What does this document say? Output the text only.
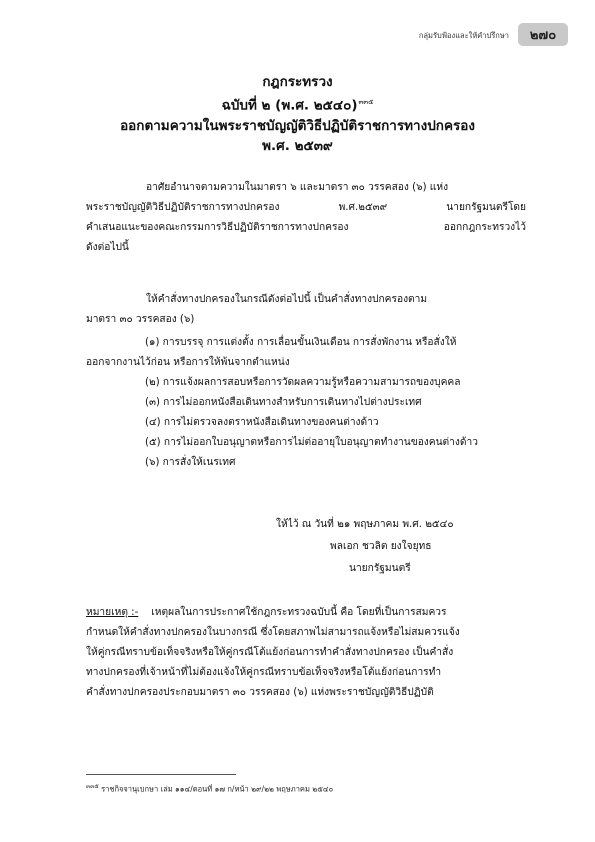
กลุ่มรับฟ้องและให้คำปรึกษา	๒๗๐
กฎกระทรวง
ฉบับที่ ๒ (พ.ศ. ๒๕๔๐)$^{๓๓๕}$
ออกตามความในพระราชบัญญัติวิธีปฏิบัติราชการทางปกครอง
พ.ศ. ๒๕๓๙
อาศัยอำนาจตามความในมาตรา ๖ และมาตรา ๓๐ วรรคสอง (๖) แห่ง
พระราชบัญญัติวิธีปฏิบัติราชการทางปกครอง พ.ศ.๒๕๓๙ นายกรัฐมนตรีโดย
คำเสนอแนะของคณะกรรมการวิธีปฏิบัติราชการทางปกครอง ออกกฎกระทรวงไว้
ดังต่อไปนี้
ให้คำสั่งทางปกครองในกรณีดังต่อไปนี้ เป็นคำสั่งทางปกครองตาม
มาตรา ๓๐ วรรคสอง (๖)
(๑) การบรรจุ การแต่งตั้ง การเลื่อนขั้นเงินเดือน การสั่งพักงาน หรือสั่งให้
ออกจากงานไว้ก่อน หรือการให้พ้นจากตำแหน่ง
(๒) การแจ้งผลการสอบหรือการวัดผลความรู้หรือความสามารถของบุคคล
(๓) การไม่ออกหนังสือเดินทางสำหรับการเดินทางไปต่างประเทศ
(๔) การไม่ตรวจลงตราหนังสือเดินทางของคนต่างด้าว
(๕) การไม่ออกใบอนุญาตหรือการไม่ต่ออายุใบอนุญาตทำงานของคนต่างด้าว
(๖) การสั่งให้เนรเทศ
ให้ไว้ ณ วันที่ ๒๑ พฤษภาคม พ.ศ. ๒๕๔๐
พลเอก ชวลิต ยงใจยุทธ
นายกรัฐมนตรี
หมายเหตุ :- เหตุผลในการประกาศใช้กฎกระทรวงฉบับนี้ คือ โดยที่เป็นการสมควร
กำหนดให้คำสั่งทางปกครองในบางกรณี ซึ่งโดยสภาพไม่สามารถแจ้งหรือไม่สมควรแจ้ง
ให้คู่กรณีทราบข้อเท็จจริงหรือให้คู่กรณีโต้แย้งก่อนการทำคำสั่งทางปกครอง เป็นคำสั่ง
ทางปกครองที่เจ้าหน้าที่ไม่ต้องแจ้งให้คู่กรณีทราบข้อเท็จจริงหรือโต้แย้งก่อนการทำ
คำสั่งทางปกครองประกอบมาตรา ๓๐ วรรคสอง (๖) แห่งพระราชบัญญัติวิธีปฏิบัติ
$^{๓๓๕}$ ราชกิจจานุเบกษา เล่ม ๑๑๔/ตอนที่ ๑๗ ก/หน้า ๒๙/๒๒ พฤษภาคม ๒๕๔๐
